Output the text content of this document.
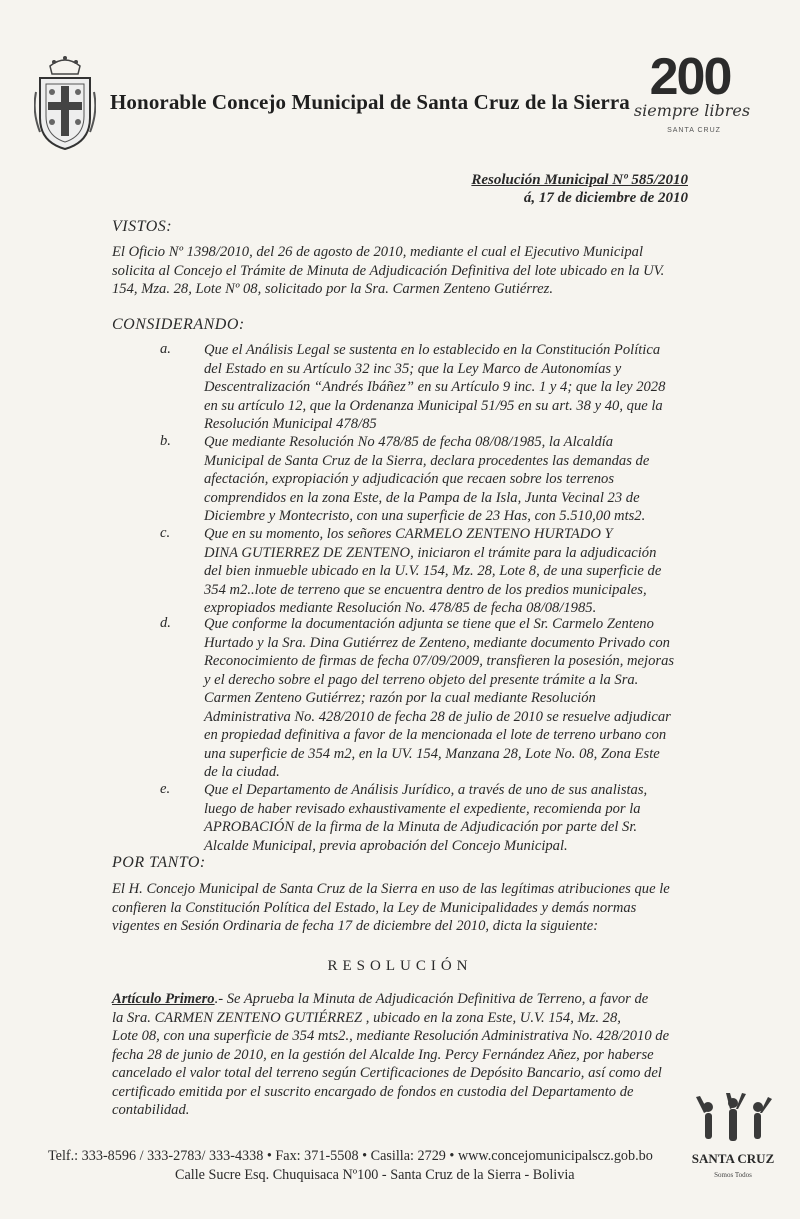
Honorable Concejo Municipal de Santa Cruz de la Sierra 200
siempre libres
SANTA CRUZ
Resolución Municipal Nº 585/2010
á, 17 de diciembre de 2010
VISTOS:
El Oficio Nº 1398/2010, del 26 de agosto de 2010, mediante el cual el Ejecutivo Municipal
solicita al Concejo el Trámite de Minuta de Adjudicación Definitiva del lote ubicado en la UV.
154, Mza. 28, Lote Nº 08, solicitado por la Sra. Carmen Zenteno Gutiérrez.
CONSIDERANDO:
a. Que el Análisis Legal se sustenta en lo establecido en la Constitución Política
del Estado en su Artículo 32 inc 35; que la Ley Marco de Autonomías y
Descentralización “Andrés Ibáñez” en su Artículo 9 inc. 1 y 4; que la ley 2028
en su artículo 12, que la Ordenanza Municipal 51/95 en su art. 38 y 40, que la
Resolución Municipal 478/85
b. Que mediante Resolución No 478/85 de fecha 08/08/1985, la Alcaldía
Municipal de Santa Cruz de la Sierra, declara procedentes las demandas de
afectación, expropiación y adjudicación que recaen sobre los terrenos
comprendidos en la zona Este, de la Pampa de la Isla, Junta Vecinal 23 de
Diciembre y Montecristo, con una superficie de 23 Has, con 5.510,00 mts2.
c. Que en su momento, los señores CARMELO ZENTENO HURTADO Y
DINA GUTIERREZ DE ZENTENO, iniciaron el trámite para la adjudicación
del bien inmueble ubicado en la U.V. 154, Mz. 28, Lote 8, de una superficie de
354 m2..lote de terreno que se encuentra dentro de los predios municipales,
expropiados mediante Resolución No. 478/85 de fecha 08/08/1985.
d. Que conforme la documentación adjunta se tiene que el Sr. Carmelo Zenteno
Hurtado y la Sra. Dina Gutiérrez de Zenteno, mediante documento Privado con
Reconocimiento de firmas de fecha 07/09/2009, transfieren la posesión, mejoras
y el derecho sobre el pago del terreno objeto del presente trámite a la Sra.
Carmen Zenteno Gutiérrez; razón por la cual mediante Resolución
Administrativa No. 428/2010 de fecha 28 de julio de 2010 se resuelve adjudicar
en propiedad definitiva a favor de la mencionada el lote de terreno urbano con
una superficie de 354 m2, en la UV. 154, Manzana 28, Lote No. 08, Zona Este
de la ciudad.
e. Que el Departamento de Análisis Jurídico, a través de uno de sus analistas,
luego de haber revisado exhaustivamente el expediente, recomienda por la
APROBACIÓN de la firma de la Minuta de Adjudicación por parte del Sr.
Alcalde Municipal, previa aprobación del Concejo Municipal.
POR TANTO:
El H. Concejo Municipal de Santa Cruz de la Sierra en uso de las legítimas atribuciones que le
confieren la Constitución Política del Estado, la Ley de Municipalidades y demás normas
vigentes en Sesión Ordinaria de fecha 17 de diciembre del 2010, dicta la siguiente:
RESOLUCIÓN
Artículo Primero.- Se Aprueba la Minuta de Adjudicación Definitiva de Terreno, a favor de
la Sra. CARMEN ZENTENO GUTIÉRREZ , ubicado en la zona Este, U.V. 154, Mz. 28,
Lote 08, con una superficie de 354 mts2., mediante Resolución Administrativa No. 428/2010 de
fecha 28 de junio de 2010, en la gestión del Alcalde Ing. Percy Fernández Añez, por haberse
cancelado el valor total del terreno según Certificaciones de Depósito Bancario, así como del
certificado emitida por el suscrito encargado de fondos en custodia del Departamento de
contabilidad.
Telf.: 333-8596 / 333-2783/ 333-4338 • Fax: 371-5508 • Casilla: 2729 • www.concejomunicipalscz.gob.bo
Calle Sucre Esq. Chuquisaca Nº100 - Santa Cruz de la Sierra - Bolivia
SANTA CRUZ
Somos Todos
